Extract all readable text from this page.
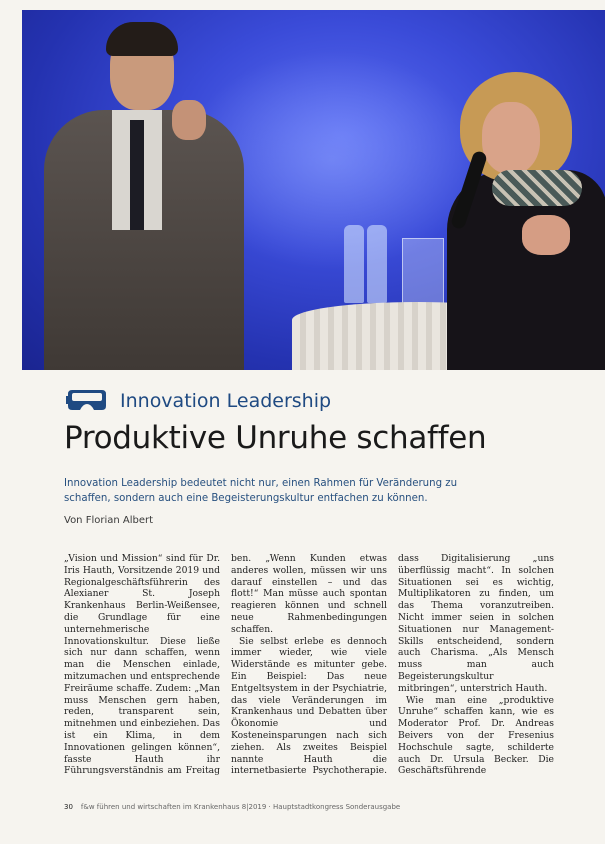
Innovation Leadership
Produktive Unruhe schaffen

Innovation Leadership bedeutet nicht nur, einen Rahmen für Veränderung zu schaffen, sondern auch eine Begeisterungskultur entfachen zu können.

Von Florian Albert

„Vision und Mission“ sind für Dr. Iris Hauth, Vorsitzende 2019 und Regionalgeschäftsführerin des Alexianer St. Joseph Krankenhaus Berlin-Weißensee, die Grundlage für eine unternehmerische Innovationskultur. Diese ließe sich nur dann schaffen, wenn man die Menschen einlade, mitzumachen und entsprechende Freiräume schaffe. Zudem: „Man muss Menschen gern haben, reden, transparent sein, mitnehmen und einbeziehen. Das ist ein Klima, in dem Innovationen gelingen können“, fasste Hauth ihr Führungsverständnis am Freitag

ben. „Wenn Kunden etwas anderes wollen, müssen wir uns darauf einstellen – und das flott!“ Man müsse auch spontan reagieren können und schnell neue Rahmenbedingungen schaffen.

Sie selbst erlebe es dennoch immer wieder, wie viele Widerstände es mitunter gebe. Ein Beispiel: Das neue Entgeltsystem in der Psychiatrie, das viele Veränderungen im Krankenhaus und Debatten über Ökonomie und Kosteneinsparungen nach sich ziehen. Als zweites Beispiel nannte Hauth die internetbasierte Psychotherapie.

dass Digitalisierung „uns überflüssig macht“. In solchen Situationen sei es wichtig, Multiplikatoren zu finden, um das Thema voranzutreiben. Nicht immer seien in solchen Situationen nur Management-Skills entscheidend, sondern auch Charisma. „Als Mensch muss man auch Begeisterungskultur mitbringen“, unterstrich Hauth.

Wie man eine „produktive Unruhe“ schaffen kann, wie es Moderator Prof. Dr. Andreas Beivers von der Fresenius Hochschule sagte, schilderte auch Dr. Ursula Becker. Die Geschäftsführende

30 f&w führen und wirtschaften im Krankenhaus 8|2019 · Hauptstadtkongress Sonderausgabe
